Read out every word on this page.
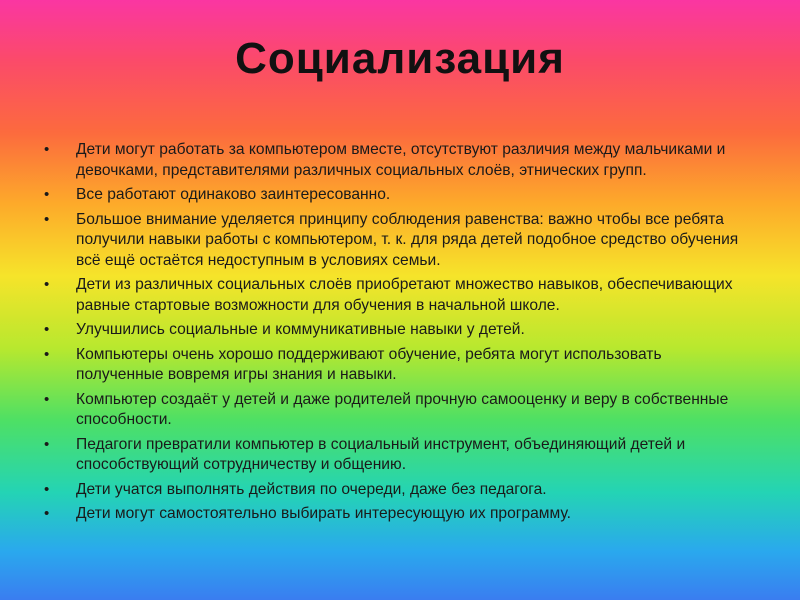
Социализация
• Дети могут работать за компьютером вместе, отсутствуют различия между мальчиками и девочками, представителями различных социальных слоёв, этнических групп.
• Все работают одинаково заинтересованно.
• Большое внимание уделяется принципу соблюдения равенства: важно чтобы все ребята получили навыки работы с компьютером, т. к. для ряда детей подобное средство обучения всё ещё остаётся недоступным в условиях семьи.
• Дети из различных социальных слоёв приобретают множество навыков, обеспечивающих равные стартовые возможности для обучения в начальной школе.
• Улучшились социальные и коммуникативные навыки у детей.
• Компьютеры очень хорошо поддерживают обучение, ребята могут использовать полученные вовремя игры знания и навыки.
• Компьютер создаёт у детей и даже родителей прочную самооценку и веру в собственные способности.
• Педагоги превратили компьютер в социальный инструмент, объединяющий детей и способствующий сотрудничеству и общению.
• Дети учатся выполнять действия по очереди, даже без педагога.
• Дети могут самостоятельно выбирать интересующую их программу.
